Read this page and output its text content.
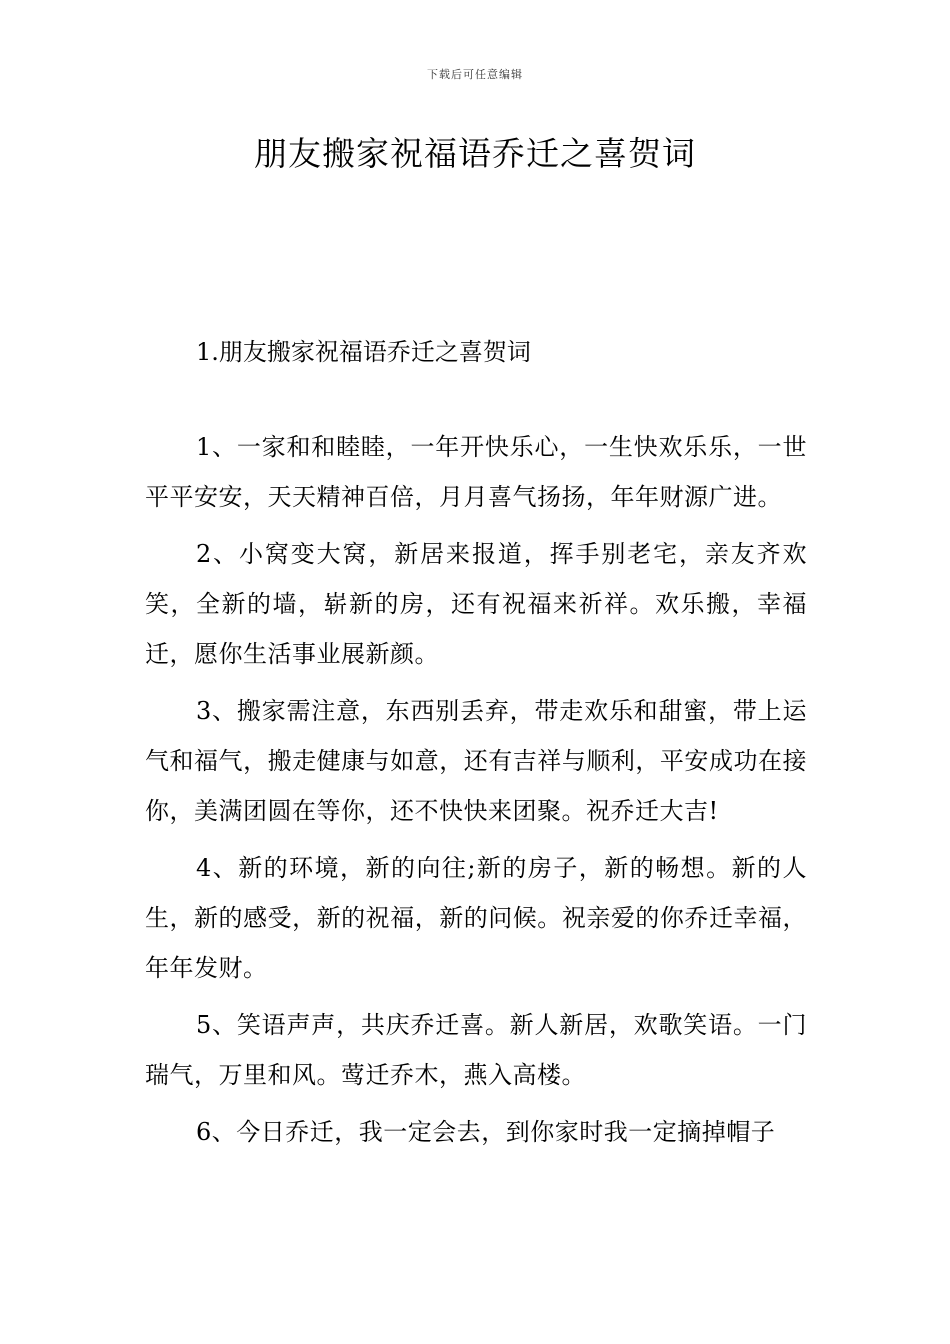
下载后可任意编辑
朋友搬家祝福语乔迁之喜贺词
1.朋友搬家祝福语乔迁之喜贺词

1、一家和和睦睦，一年开快乐心，一生快欢乐乐，一世平平安安，天天精神百倍，月月喜气扬扬，年年财源广进。

2、小窝变大窝，新居来报道，挥手别老宅，亲友齐欢笑，全新的墙，崭新的房，还有祝福来祈祥。欢乐搬，幸福迁，愿你生活事业展新颜。

3、搬家需注意，东西别丢弃，带走欢乐和甜蜜，带上运气和福气，搬走健康与如意，还有吉祥与顺利，平安成功在接你，美满团圆在等你，还不快快来团聚。祝乔迁大吉!

4、新的环境，新的向往;新的房子，新的畅想。新的人生，新的感受，新的祝福，新的问候。祝亲爱的你乔迁幸福，年年发财。

5、笑语声声，共庆乔迁喜。新人新居，欢歌笑语。一门瑞气，万里和风。莺迁乔木，燕入高楼。

6、今日乔迁，我一定会去，到你家时我一定摘掉帽子
